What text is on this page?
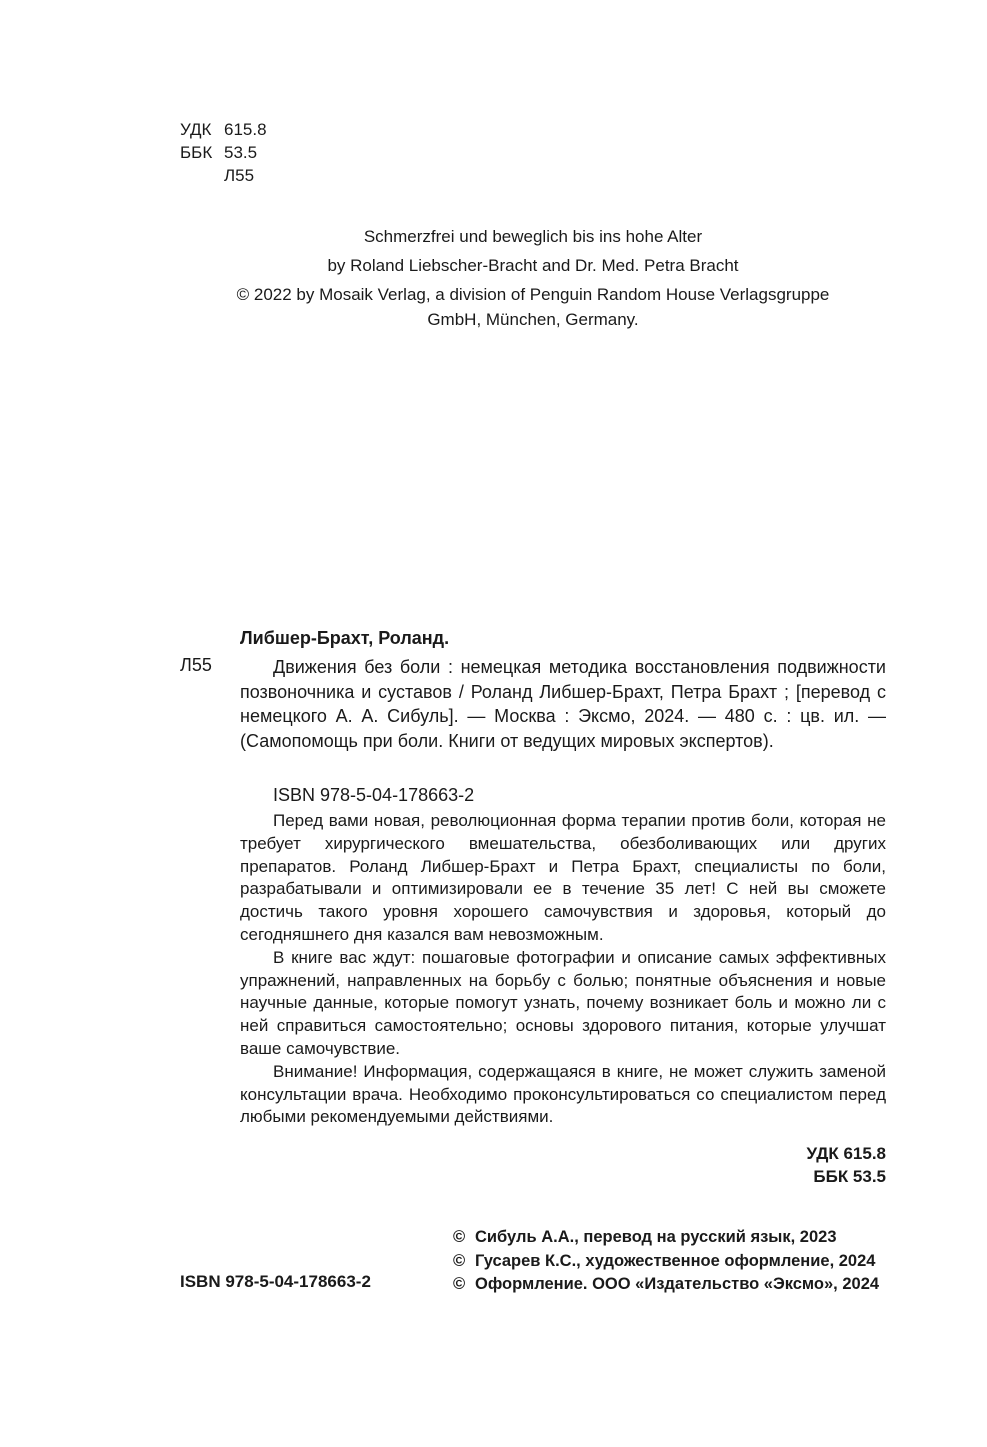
УДК 615.8
ББК 53.5
Л55
Schmerzfrei und beweglich bis ins hohe Alter
by Roland Liebscher-Bracht and Dr. Med. Petra Bracht
© 2022 by Mosaik Verlag, a division of Penguin Random House Verlagsgruppe
GmbH, München, Germany.
Либшер-Брахт, Роланд.
Л55	Движения без боли : немецкая методика восстановления подвижности позвоночника и суставов / Роланд Либшер-Брахт, Петра Брахт ; [перевод с немецкого А. А. Сибуль]. — Москва : Эксмо, 2024. — 480 с. : цв. ил. — (Самопомощь при боли. Книги от ведущих мировых экспертов).

ISBN 978-5-04-178663-2

Перед вами новая, революционная форма терапии против боли, которая не требует хирургического вмешательства, обезболивающих или других препаратов. Роланд Либшер-Брахт и Петра Брахт, специалисты по боли, разрабатывали и оптимизировали ее в течение 35 лет! С ней вы сможете достичь такого уровня хорошего самочувствия и здоровья, который до сегодняшнего дня казался вам невозможным.

В книге вас ждут: пошаговые фотографии и описание самых эффективных упражнений, направленных на борьбу с болью; понятные объяснения и новые научные данные, которые помогут узнать, почему возникает боль и можно ли с ней справиться самостоятельно; основы здорового питания, которые улучшат ваше самочувствие.

Внимание! Информация, содержащаяся в книге, не может служить заменой консультации врача. Необходимо проконсультироваться со специалистом перед любыми рекомендуемыми действиями.

УДК 615.8
ББК 53.5
ISBN 978-5-04-178663-2
© Сибуль А.А., перевод на русский язык, 2023
© Гусарев К.С., художественное оформление, 2024
© Оформление. ООО «Издательство «Эксмо», 2024
